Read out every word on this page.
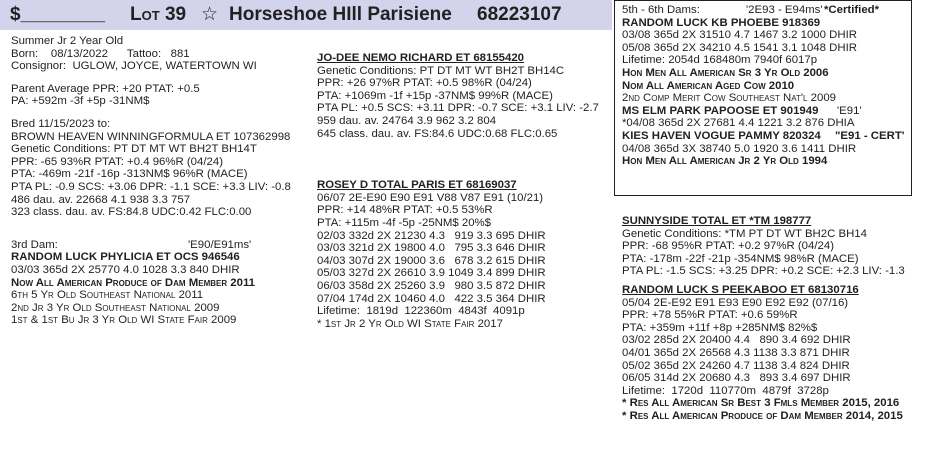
$________ Lot 39 ☆ Horseshoe HIll Parisiene 68223107
Summer Jr 2 Year Old
Born: 08/13/2022 Tattoo: 881
Consignor: UGLOW, JOYCE, WATERTOWN WI
Parent Average PPR: +20 PTAT: +0.5
PA: +592m -3f +5p -31NM$
Bred 11/15/2023 to:
BROWN HEAVEN WINNINGFORMULA ET 107362998
Genetic Conditions: PT DT MT WT BH2T BH14T
PPR: -65 93%R PTAT: +0.4 96%R (04/24)
PTA: -469m -21f -16p -313NM$ 96%R (MACE)
PTA PL: -0.9 SCS: +3.06 DPR: -1.1 SCE: +3.3 LIV: -0.8
486 dau. av. 22668 4.1 938 3.3 757
323 class. dau. av. FS:84.8 UDC:0.42 FLC:0.00
3rd Dam:	'E90/E91ms'
RANDOM LUCK PHYLICIA ET OCS 946546
03/03 365d 2X 25770 4.0 1028 3.3 840 DHIR
Now All American Produce of Dam Member 2011
6th 5 Yr Old Southeast National 2011
2nd Jr 3 Yr Old Southeast National 2009
1st & 1st Bu Jr 3 Yr Old WI State Fair 2009
JO-DEE NEMO RICHARD ET 68155420
Genetic Conditions: PT DT MT WT BH2T BH14C
PPR: +26 97%R PTAT: +0.5 98%R (04/24)
PTA: +1069m -1f +15p -37NM$ 99%R (MACE)
PTA PL: +0.5 SCS: +3.11 DPR: -0.7 SCE: +3.1 LIV: -2.7
959 dau. av. 24764 3.9 962 3.2 804
645 class. dau. av. FS:84.6 UDC:0.68 FLC:0.65
ROSEY D TOTAL PARIS ET 68169037
06/07 2E-E90 E90 E91 V88 V87 E91 (10/21)
PPR: +14 48%R PTAT: +0.5 53%R
PTA: +115m -4f -5p -25NM$ 20%$
02/03 332d 2X 21230 4.3   919 3.3 695 DHIR
03/03 321d 2X 19800 4.0   795 3.3 646 DHIR
04/03 307d 2X 19000 3.6   678 3.2 615 DHIR
05/03 327d 2X 26610 3.9 1049 3.4 899 DHIR
06/03 358d 2X 25260 3.9   980 3.5 872 DHIR
07/04 174d 2X 10460 4.0   422 3.5 364 DHIR
Lifetime:  1819d  122360m  4843f  4091p
* 1st Jr 2 Yr Old WI State Fair 2017
5th - 6th Dams:	'2E93 - E94ms' *Certified*
RANDOM LUCK KB PHOEBE 918369
03/08 365d 2X 31510 4.7 1467 3.2 1000 DHIR
05/08 365d 2X 34210 4.5 1541 3.1 1048 DHIR
Lifetime: 2054d 168480m 7940f 6017p
Hon Men All American Sr 3 Yr Old 2006
Nom All American Aged Cow 2010
2nd Comp Merit Cow Southeast Nat'l 2009
MS ELM PARK PAPOOSE ET 901949 'E91'
*04/08 365d 2X 27681 4.4 1221 3.2 876 DHIA
KIES HAVEN VOGUE PAMMY 820324 "E91 - CERT'
04/08 365d 3X 38740 5.0 1920 3.6 1411 DHIR
Hon Men All American Jr 2 Yr Old 1994
SUNNYSIDE TOTAL ET *TM 198777
Genetic Conditions: *TM PT DT WT BH2C BH14
PPR: -68 95%R PTAT: +0.2 97%R (04/24)
PTA: -178m -22f -21p -354NM$ 98%R (MACE)
PTA PL: -1.5 SCS: +3.25 DPR: +0.2 SCE: +2.3 LIV: -1.3
RANDOM LUCK S PEEKABOO ET 68130716
05/04 2E-E92 E91 E93 E90 E92 E92 (07/16)
PPR: +78 55%R PTAT: +0.6 59%R
PTA: +359m +11f +8p +285NM$ 82%$
03/02 285d 2X 20400 4.4   890 3.4 692 DHIR
04/01 365d 2X 26568 4.3 1138 3.3 871 DHIR
05/02 365d 2X 24260 4.7 1138 3.4 824 DHIR
06/05 314d 2X 20680 4.3   893 3.4 697 DHIR
Lifetime:  1720d  110770m  4879f  3728p
* Res All American Sr Best 3 Fmls Member 2015, 2016
* Res All American Produce of Dam Member 2014, 2015
